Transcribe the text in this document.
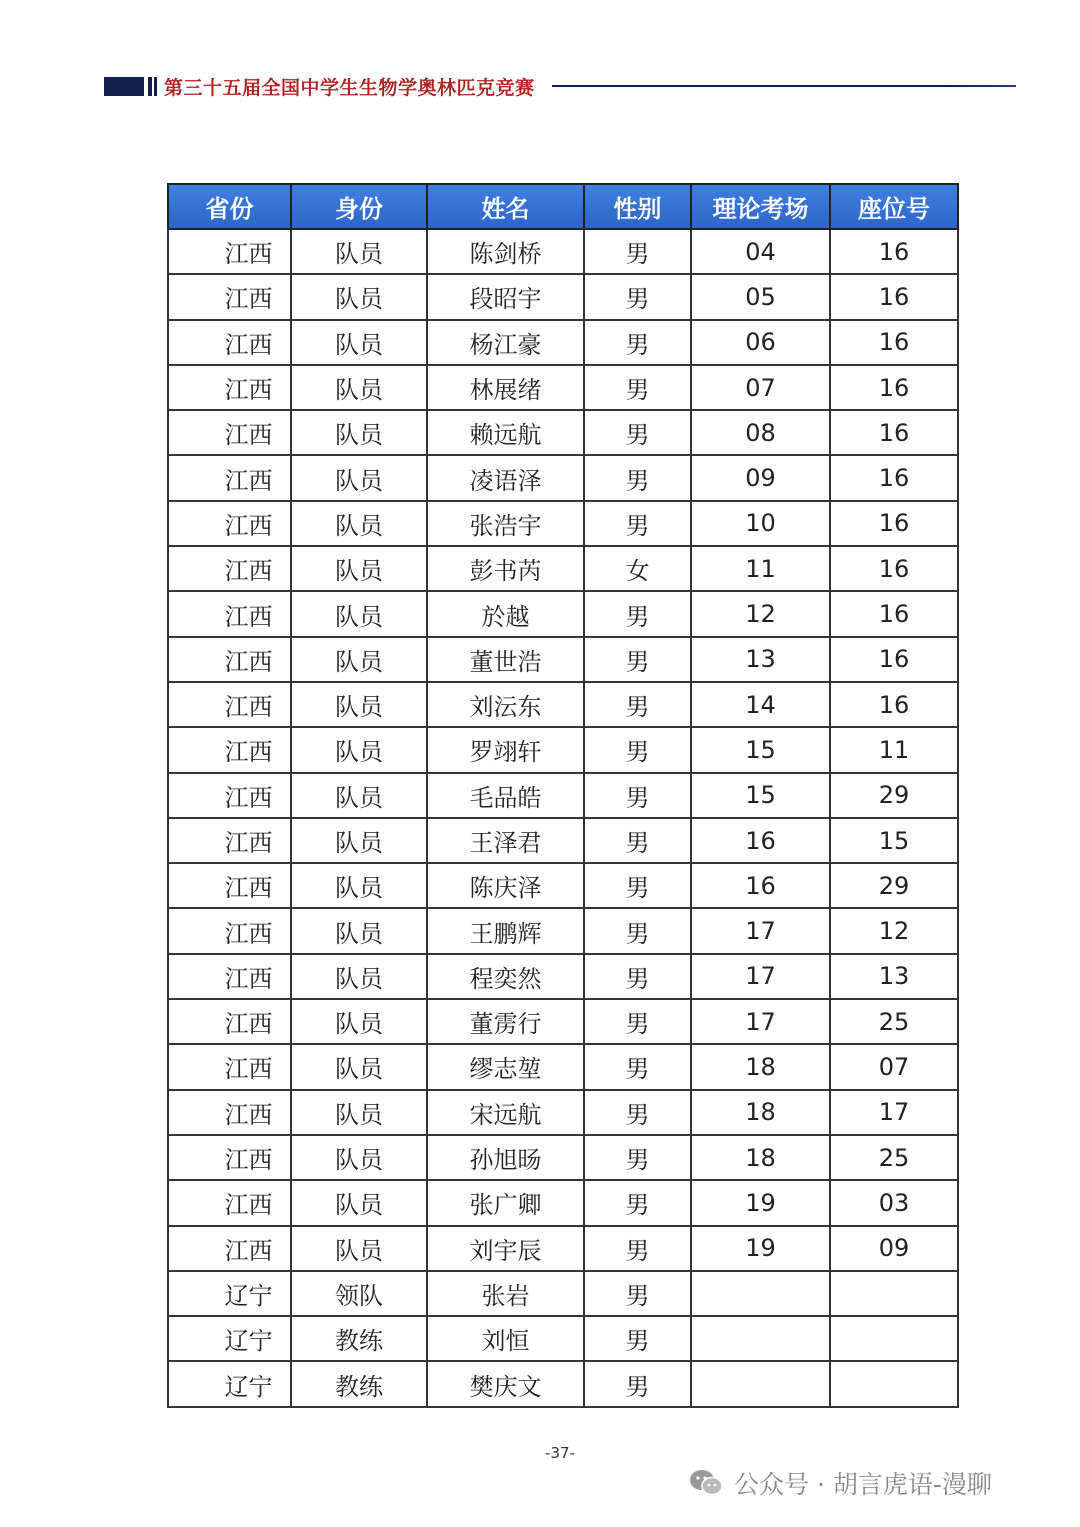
第三十五届全国中学生生物学奥林匹克竞赛
省份	身份	姓名	性别	理论考场	座位号
江西	队员	陈剑桥	男	04	16
江西	队员	段昭宇	男	05	16
江西	队员	杨江豪	男	06	16
江西	队员	林展绪	男	07	16
江西	队员	赖远航	男	08	16
江西	队员	凌语泽	男	09	16
江西	队员	张浩宇	男	10	16
江西	队员	彭书芮	女	11	16
江西	队员	於越	男	12	16
江西	队员	董世浩	男	13	16
江西	队员	刘沄东	男	14	16
江西	队员	罗翊轩	男	15	11
江西	队员	毛品皓	男	15	29
江西	队员	王泽君	男	16	15
江西	队员	陈庆泽	男	16	29
江西	队员	王鹏辉	男	17	12
江西	队员	程奕然	男	17	13
江西	队员	董雳行	男	17	25
江西	队员	缪志堃	男	18	07
江西	队员	宋远航	男	18	17
江西	队员	孙旭旸	男	18	25
江西	队员	张广卿	男	19	03
江西	队员	刘宇辰	男	19	09
辽宁	领队	张岩	男		
辽宁	教练	刘恒	男		
辽宁	教练	樊庆文	男		
-37-
公众号 · 胡言虎语-漫聊
